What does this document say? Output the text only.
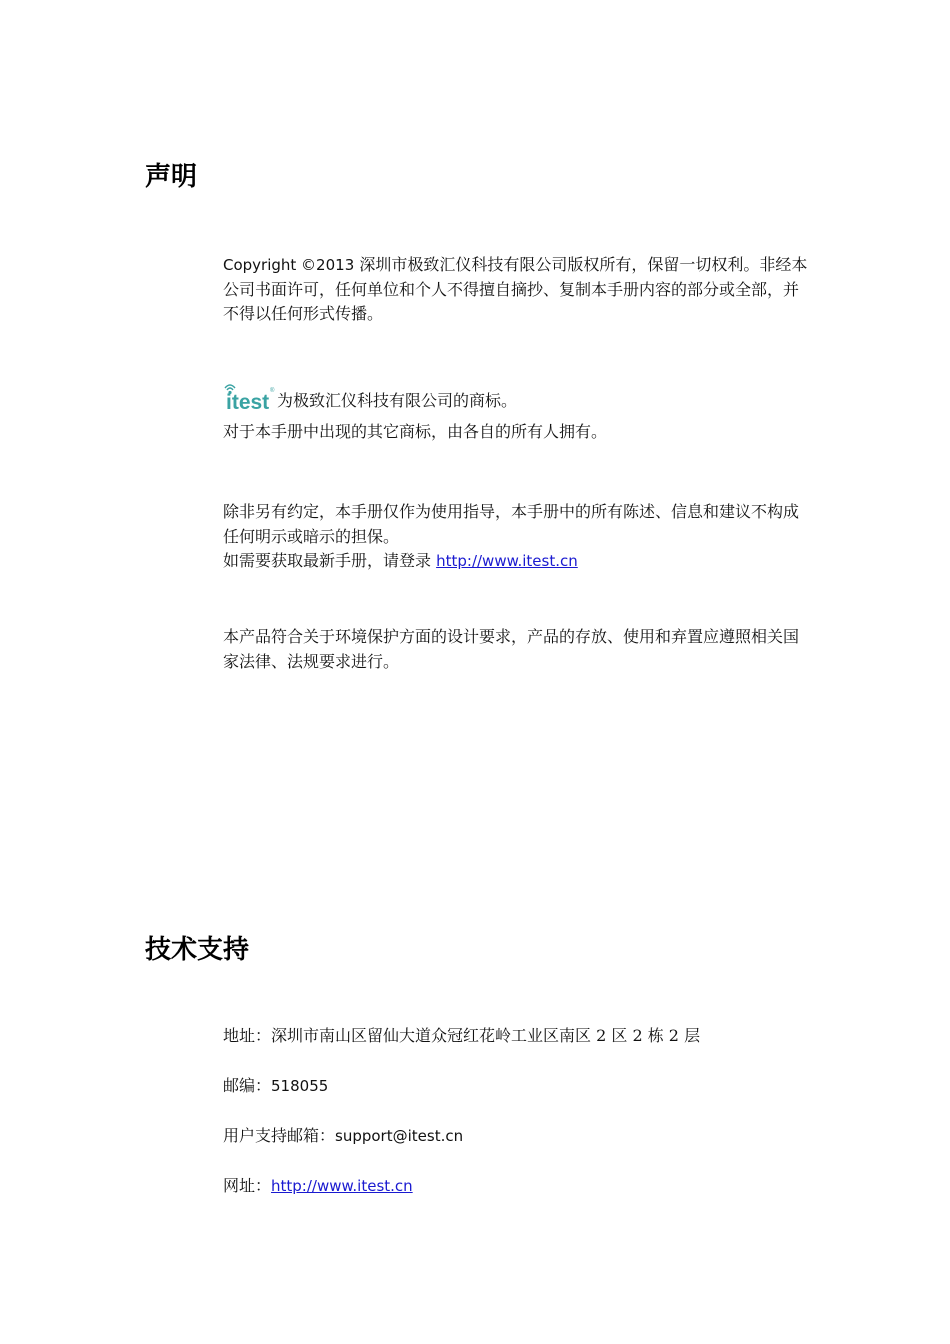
声明

Copyright ©2013 深圳市极致汇仪科技有限公司版权所有，保留一切权利。非经本公司书面许可，任何单位和个人不得擅自摘抄、复制本手册内容的部分或全部，并不得以任何形式传播。

itest ® 为极致汇仪科技有限公司的商标。

对于本手册中出现的其它商标，由各自的所有人拥有。

除非另有约定，本手册仅作为使用指导，本手册中的所有陈述、信息和建议不构成任何明示或暗示的担保。

如需要获取最新手册，请登录 http://www.itest.cn

本产品符合关于环境保护方面的设计要求，产品的存放、使用和弃置应遵照相关国家法律、法规要求进行。

技术支持

地址：深圳市南山区留仙大道众冠红花岭工业区南区 2 区 2 栋 2 层

邮编：518055

用户支持邮箱：support@itest.cn

网址：http://www.itest.cn
